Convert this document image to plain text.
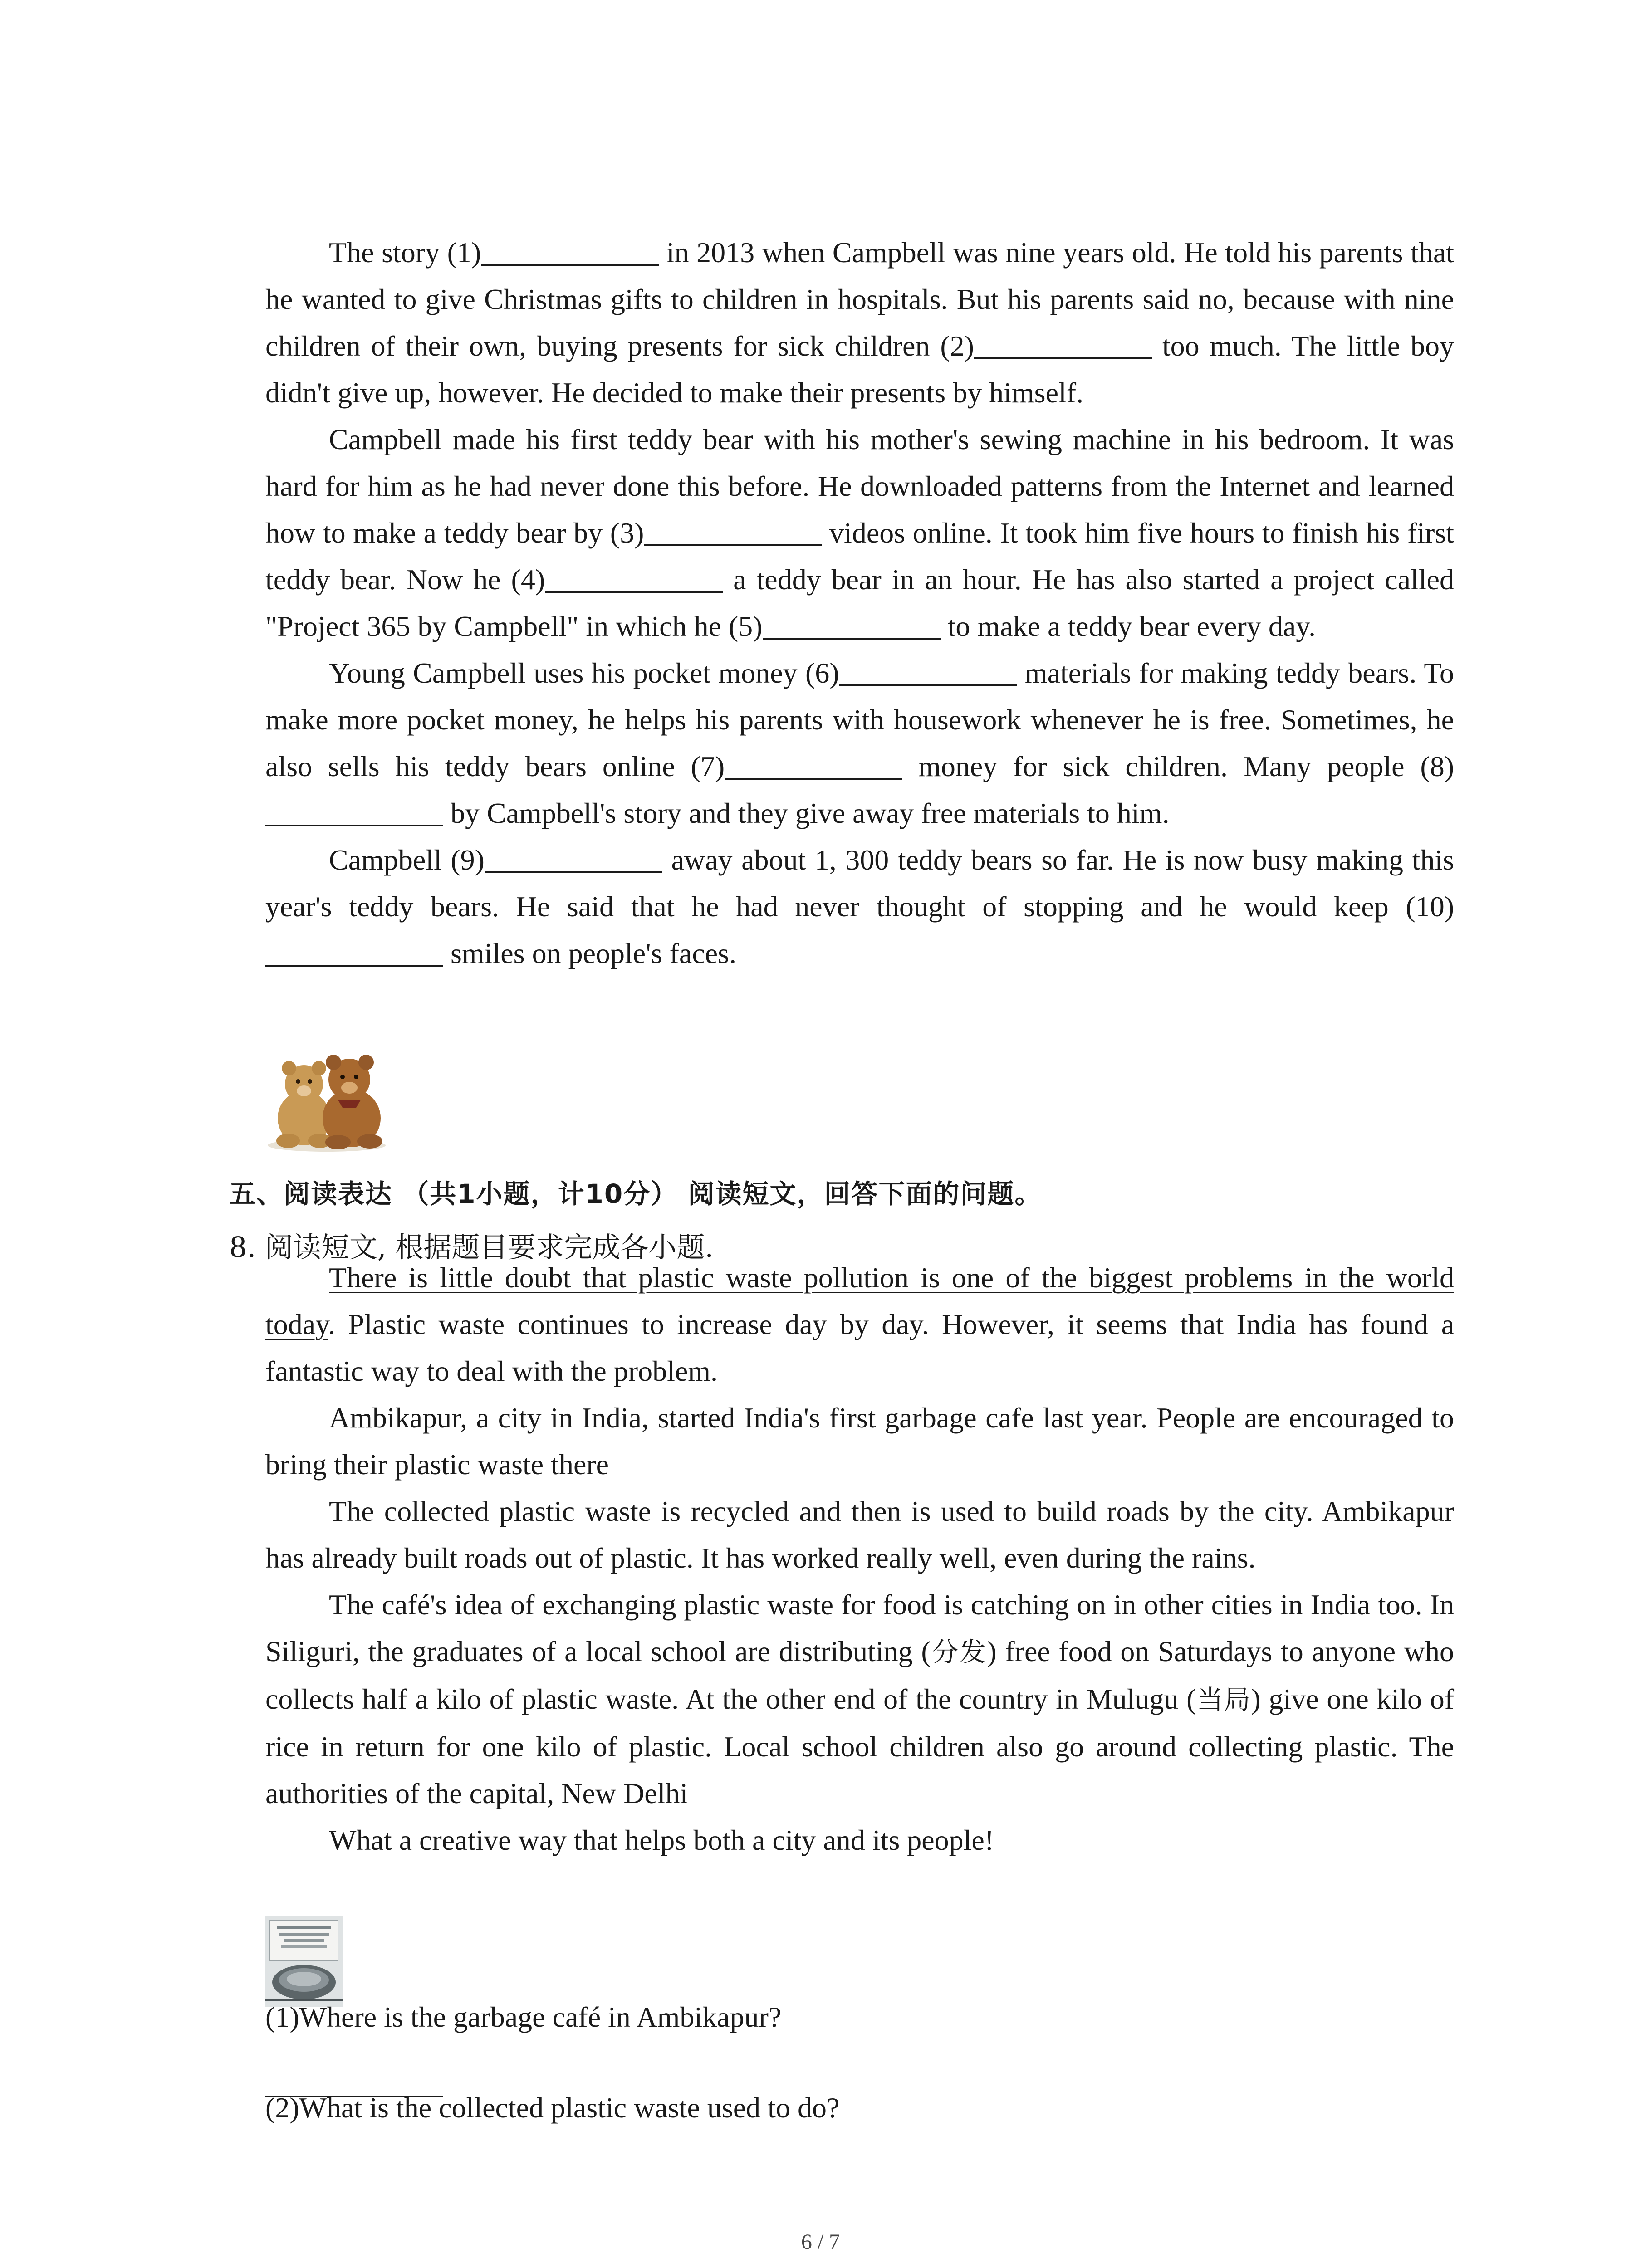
The story (1)	in 2013 when Campbell was nine years old. He told his parents that he wanted to give Christmas gifts to children in hospitals. But his parents said no, because with nine children of their own, buying presents for sick children (2)	too much. The little boy didn't give up, however. He decided to make their presents by himself.

Campbell made his first teddy bear with his mother's sewing machine in his bedroom. It was hard for him as he had never done this before. He downloaded patterns from the Internet and learned how to make a teddy bear by (3)	videos online. It took him five hours to finish his first teddy bear. Now he (4)	a teddy bear in an hour. He has also started a project called "Project 365 by Campbell" in which he (5)	to make a teddy bear every day.

Young Campbell uses his pocket money (6)	materials for making teddy bears. To make more pocket money, he helps his parents with housework whenever he is free. Sometimes, he also sells his teddy bears online (7)	money for sick children. Many people (8) by Campbell's story and they give away free materials to him.

Campbell (9)	away about 1, 300 teddy bears so far. He is now busy making this year's teddy bears. He said that he had never thought of stopping and he would keep (10) smiles on people's faces.

五、阅读表达 （共1小题，计10分） 阅读短文，回答下面的问题。
8. 阅读短文, 根据题目要求完成各小题.

There is little doubt that plastic waste pollution is one of the biggest problems in the world today. Plastic waste continues to increase day by day. However, it seems that India has found a fantastic way to deal with the problem.

Ambikapur, a city in India, started India's first garbage cafe last year. People are encouraged to bring their plastic waste there

The collected plastic waste is recycled and then is used to build roads by the city. Ambikapur has already built roads out of plastic. It has worked really well, even during the rains.

The café's idea of exchanging plastic waste for food is catching on in other cities in India too. In Siliguri, the graduates of a local school are distributing (分发) free food on Saturdays to anyone who collects half a kilo of plastic waste. At the other end of the country in Mulugu (当局) give one kilo of rice in return for one kilo of plastic. Local school children also go around collecting plastic. The authorities of the capital, New Delhi

What a creative way that helps both a city and its people!

(1)Where is the garbage café in Ambikapur?
(2)What is the collected plastic waste used to do?
6 / 7
